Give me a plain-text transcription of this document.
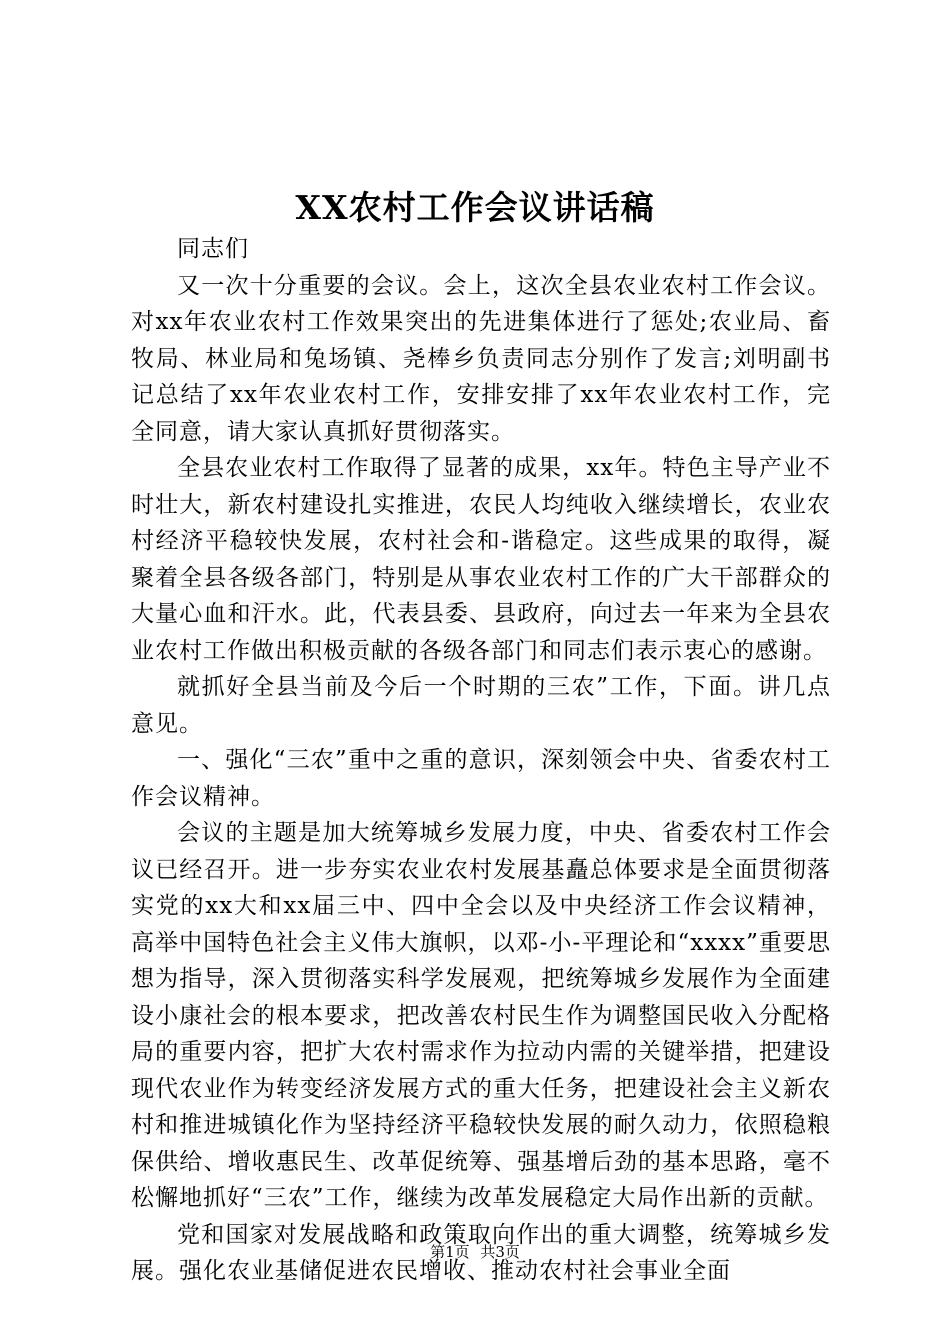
XX农村工作会议讲话稿

同志们

又一次十分重要的会议。会上，这次全县农业农村工作会议。对xx年农业农村工作效果突出的先进集体进行了惩处;农业局、畜牧局、林业局和兔场镇、尧棒乡负责同志分别作了发言;刘明副书记总结了xx年农业农村工作，安排安排了xx年农业农村工作，完全同意，请大家认真抓好贯彻落实。

全县农业农村工作取得了显著的成果，xx年。特色主导产业不时壮大，新农村建设扎实推进，农民人均纯收入继续增长，农业农村经济平稳较快发展，农村社会和-谐稳定。这些成果的取得，凝聚着全县各级各部门，特别是从事农业农村工作的广大干部群众的大量心血和汗水。此，代表县委、县政府，向过去一年来为全县农业农村工作做出积极贡献的各级各部门和同志们表示衷心的感谢。

就抓好全县当前及今后一个时期的三农”工作，下面。讲几点意见。

一、强化“三农”重中之重的意识，深刻领会中央、省委农村工作会议精神。

会议的主题是加大统筹城乡发展力度，中央、省委农村工作会议已经召开。进一步夯实农业农村发展基矗总体要求是全面贯彻落实党的xx大和xx届三中、四中全会以及中央经济工作会议精神，高举中国特色社会主义伟大旗帜，以邓-小-平理论和“xxxx”重要思想为指导，深入贯彻落实科学发展观，把统筹城乡发展作为全面建设小康社会的根本要求，把改善农村民生作为调整国民收入分配格局的重要内容，把扩大农村需求作为拉动内需的关键举措，把建设现代农业作为转变经济发展方式的重大任务，把建设社会主义新农村和推进城镇化作为坚持经济平稳较快发展的耐久动力，依照稳粮保供给、增收惠民生、改革促统筹、强基增后劲的基本思路，毫不松懈地抓好“三农”工作，继续为改革发展稳定大局作出新的贡献。

党和国家对发展战略和政策取向作出的重大调整，统筹城乡发展。强化农业基储促进农民增收、推动农村社会事业全面

第1页 共3页
